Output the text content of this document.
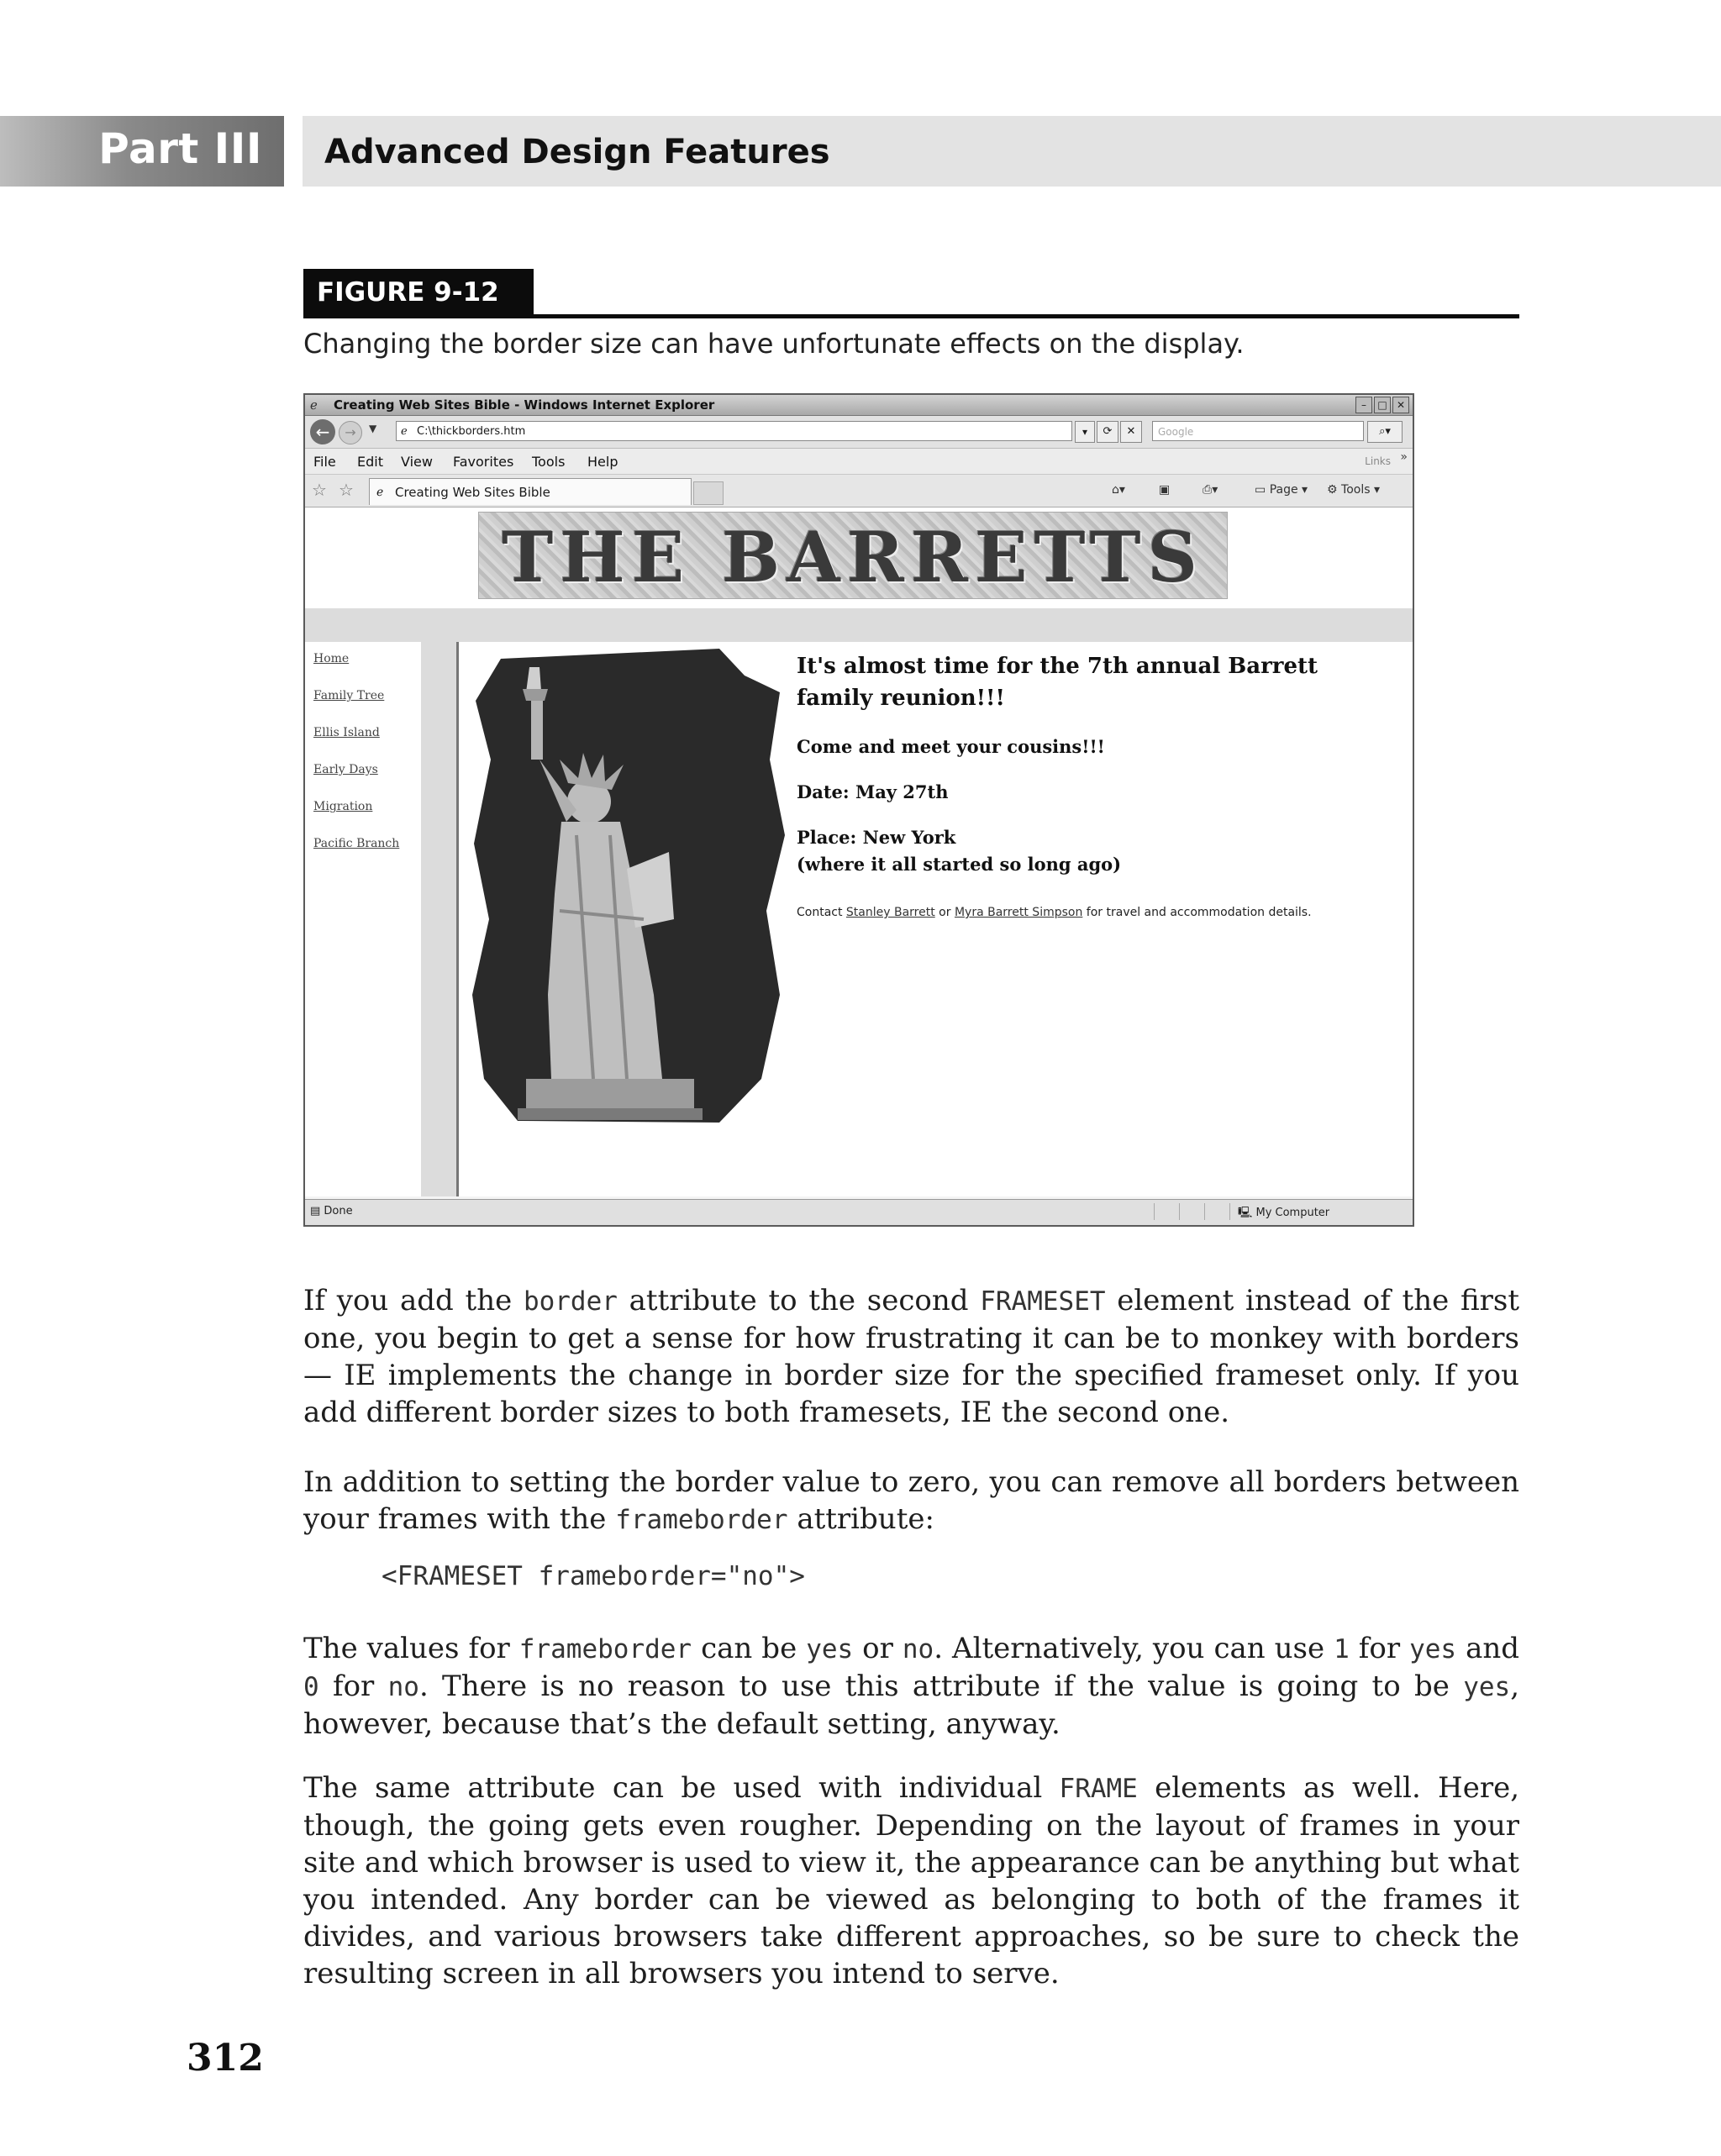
Part III Advanced Design Features
FIGURE 9-12
Changing the border size can have unfortunate effects on the display.
ℯ Creating Web Sites Bible - Windows Internet Explorer	–	□ ✕
←	→	▼ ℯ C:\thickborders.htm	▾	⟳	✕	Google	⌕▾
File Edit View Favorites Tools Help	Links »
☆ ☆ ℯ Creating Web Sites Bible	⌂▾	▣	⎙▾	▭ Page ▾ ⚙ Tools ▾
THE BARRETTS
Home
Family Tree
Ellis Island
Early Days
Migration
Pacific Branch
It's almost time for the 7th annual Barrett
family reunion!!!
Come and meet your cousins!!!
Date: May 27th
Place: New York
(where it all started so long ago)
Contact Stanley Barrett or Myra Barrett Simpson for travel and accommodation details.
▤ Done	🖳 My Computer
If you add the border attribute to the second FRAMESET element instead of the first one, you begin to get a sense for how frustrating it can be to monkey with borders — IE implements the change in border size for the specified frameset only. If you add different border sizes to both framesets, IE the second one.
In addition to setting the border value to zero, you can remove all borders between your frames with the frameborder attribute:
<FRAMESET frameborder="no">
The values for frameborder can be yes or no. Alternatively, you can use 1 for yes and 0 for no. There is no reason to use this attribute if the value is going to be yes, however, because that’s the default setting, anyway.
The same attribute can be used with individual FRAME elements as well. Here, though, the going gets even rougher. Depending on the layout of frames in your site and which browser is used to view it, the appearance can be anything but what you intended. Any border can be viewed as belonging to both of the frames it divides, and various browsers take different approaches, so be sure to check the resulting screen in all browsers you intend to serve.
312
